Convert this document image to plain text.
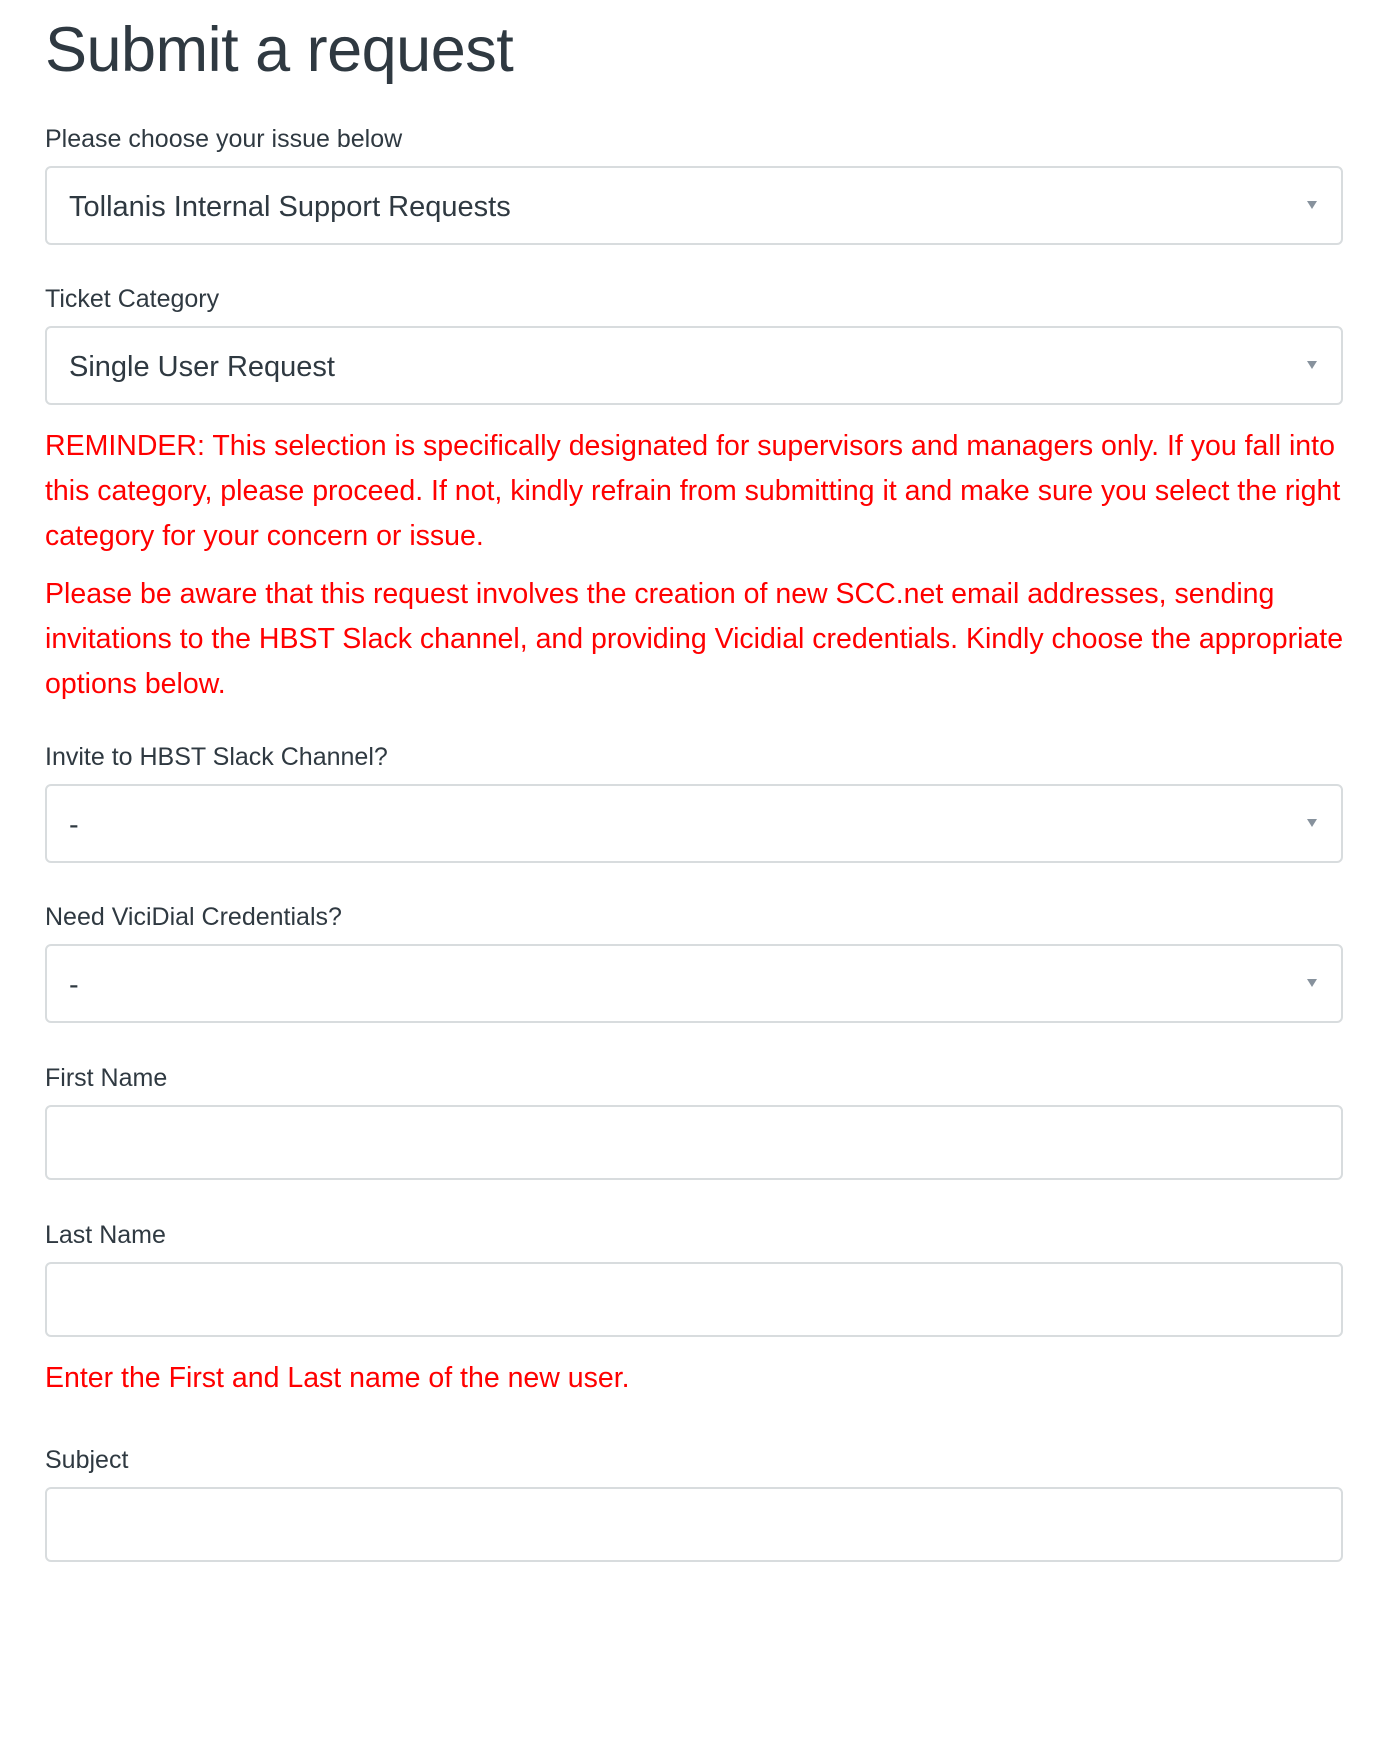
Submit a request
Please choose your issue below
Tollanis Internal Support Requests
Ticket Category
Single User Request

REMINDER: This selection is specifically designated for supervisors and managers only. If you fall into this category, please proceed. If not, kindly refrain from submitting it and make sure you select the right category for your concern or issue.

Please be aware that this request involves the creation of new SCC.net email addresses, sending invitations to the HBST Slack channel, and providing Vicidial credentials. Kindly choose the appropriate options below.

Invite to HBST Slack Channel?
-
Need ViciDial Credentials?
-
First Name
Last Name

Enter the First and Last name of the new user.

Subject
